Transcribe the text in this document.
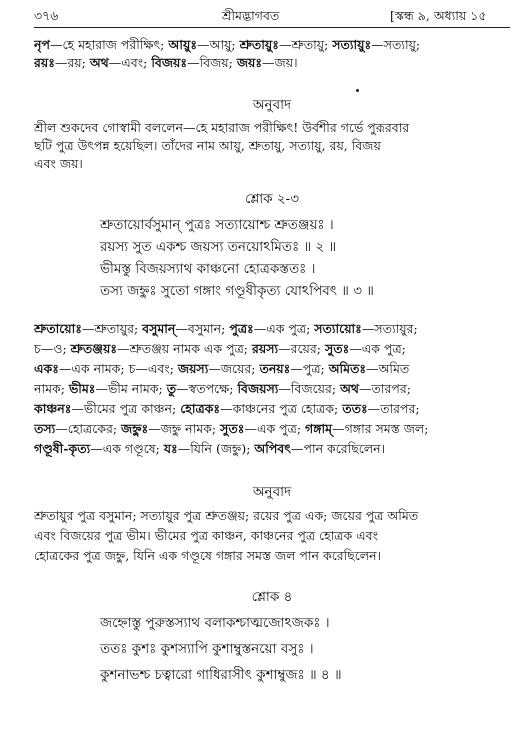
৩৭৬	শ্রীমদ্ভাগবত	[স্কন্ধ ৯, অধ্যায় ১৫
নৃপ—হে মহারাজ পরীক্ষিৎ; আয়ুঃ—আয়ু; শ্রুতায়ুঃ—শ্রুতায়ু; সত্যায়ুঃ—সত্যায়ু;
রয়ঃ—রয়; অথ—এবং; বিজয়ঃ—বিজয়; জয়ঃ—জয়।
অনুবাদ
শ্রীল শুকদেব গোস্বামী বললেন—হে মহারাজ পরীক্ষিৎ! উর্বশীর গর্ভে পুরূরবার
ছটি পুত্র উৎপন্ন হয়েছিল। তাঁদের নাম আয়ু, শ্রুতায়ু, সত্যায়ু, রয়, বিজয়
এবং জয়।
শ্লোক ২-৩
শ্রুতায়োর্বসুমান্ পুত্রঃ সত্যায়োশ্চ শ্রুতঞ্জয়ঃ ।
রয়স্য সুত একশ্চ জয়স্য তনয়োঽমিতঃ ॥ ২ ॥
ভীমস্তু বিজয়স্যাথ কাঞ্চনো হোত্রকস্ততঃ ।
তস্য জহ্নুঃ সুতো গঙ্গাং গণ্ডূষীকৃত্য যোঽপিবৎ ॥ ৩ ॥
শ্রুতায়োঃ—শ্রুতায়ুর; বসুমান্—বসুমান; পুত্রঃ—এক পুত্র; সত্যায়োঃ—সত্যায়ুর;
চ—ও; শ্রুতঞ্জয়ঃ—শ্রুতঞ্জয় নামক এক পুত্র; রয়স্য—রয়ের; সুতঃ—এক পুত্র;
একঃ—এক নামক; চ—এবং; জয়স্য—জয়ের; তনয়ঃ—পুত্র; অমিতঃ—অমিত
নামক; ভীমঃ—ভীম নামক; তু—স্বতপক্ষে; বিজয়স্য—বিজয়ের; অথ—তারপর;
কাঞ্চনঃ—ভীমের পুত্র কাঞ্চন; হোত্রকঃ—কাঞ্চনের পুত্র হোত্রক; ততঃ—তারপর;
তস্য—হোত্রকের; জহ্নুঃ—জহ্নু নামক; সুতঃ—এক পুত্র; গঙ্গাম্—গঙ্গার সমস্ত জল;
গণ্ডূষী-কৃত্য—এক গণ্ডূষে; যঃ—যিনি (জহ্নু); অপিবৎ—পান করেছিলেন।
অনুবাদ
শ্রুতায়ুর পুত্র বসুমান; সত্যায়ুর পুত্র শ্রুতঞ্জয়; রয়ের পুত্র এক; জয়ের পুত্র অমিত
এবং বিজয়ের পুত্র ভীম। ভীমের পুত্র কাঞ্চন, কাঞ্চনের পুত্র হোত্রক এবং
হোত্রকের পুত্র জহ্নু, যিনি এক গণ্ডূষে গঙ্গার সমস্ত জল পান করেছিলেন।
শ্লোক ৪
জহ্নোস্তু পুরুস্তস্যাথ বলাকশ্চাত্মজোঽজকঃ ।
ততঃ কুশঃ কুশস্যাপি কুশাম্বুস্তনয়ো বসুঃ ।
কুশনাভশ্চ চত্বারো গাধিরাসীৎ কুশাম্বুজঃ ॥ ৪ ॥
